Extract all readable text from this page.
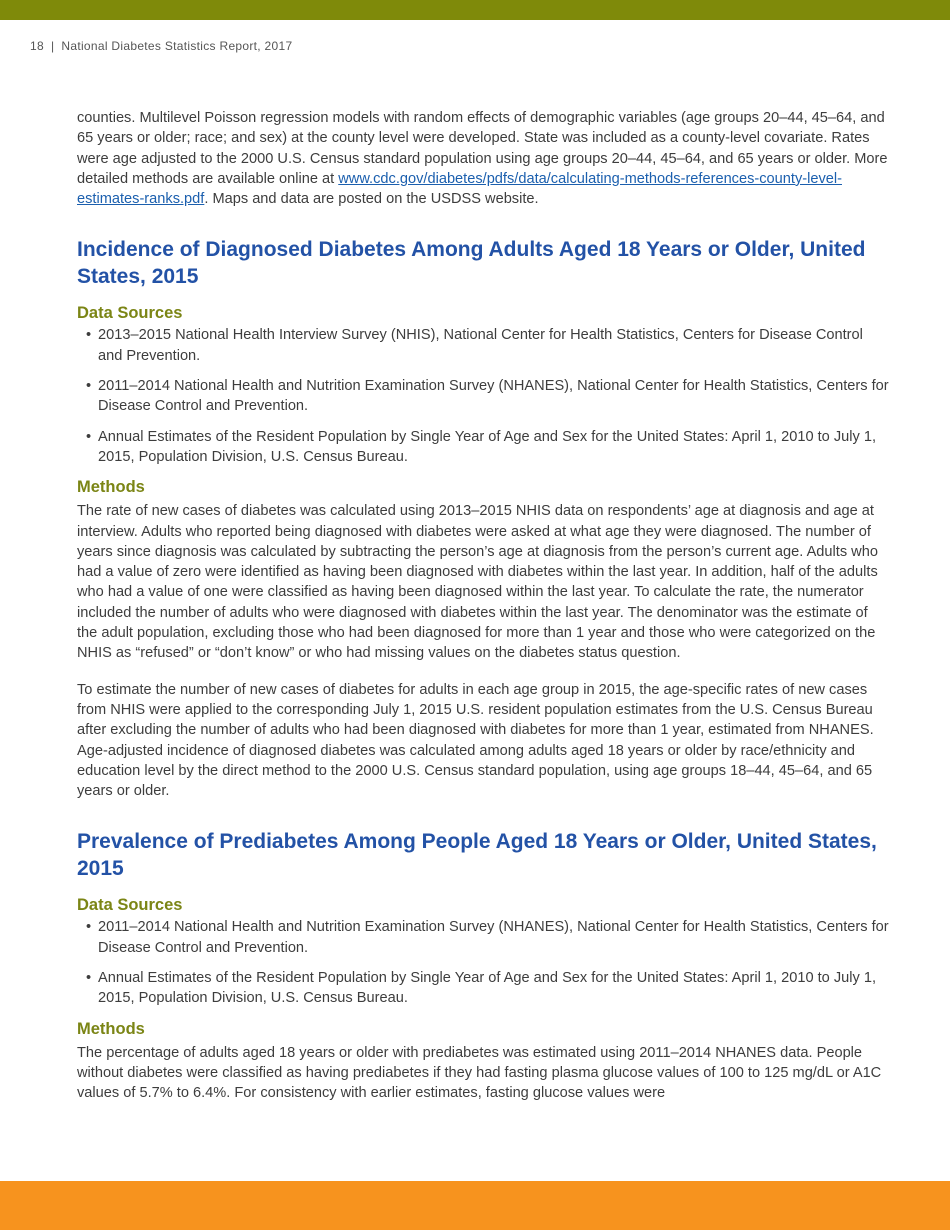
18 | National Diabetes Statistics Report, 2017

counties. Multilevel Poisson regression models with random effects of demographic variables (age groups 20–44, 45–64, and 65 years or older; race; and sex) at the county level were developed. State was included as a county-level covariate. Rates were age adjusted to the 2000 U.S. Census standard population using age groups 20–44, 45–64, and 65 years or older. More detailed methods are available online at www.cdc.gov/diabetes/pdfs/data/calculating-methods-references-county-level-estimates-ranks.pdf. Maps and data are posted on the USDSS website.

Incidence of Diagnosed Diabetes Among Adults Aged 18 Years or Older, United States, 2015
Data Sources
• 2013–2015 National Health Interview Survey (NHIS), National Center for Health Statistics, Centers for Disease Control and Prevention.
• 2011–2014 National Health and Nutrition Examination Survey (NHANES), National Center for Health Statistics, Centers for Disease Control and Prevention.
• Annual Estimates of the Resident Population by Single Year of Age and Sex for the United States: April 1, 2010 to July 1, 2015, Population Division, U.S. Census Bureau.
Methods

The rate of new cases of diabetes was calculated using 2013–2015 NHIS data on respondents’ age at diagnosis and age at interview. Adults who reported being diagnosed with diabetes were asked at what age they were diagnosed. The number of years since diagnosis was calculated by subtracting the person’s age at diagnosis from the person’s current age. Adults who had a value of zero were identified as having been diagnosed with diabetes within the last year. In addition, half of the adults who had a value of one were classified as having been diagnosed within the last year. To calculate the rate, the numerator included the number of adults who were diagnosed with diabetes within the last year. The denominator was the estimate of the adult population, excluding those who had been diagnosed for more than 1 year and those who were categorized on the NHIS as “refused” or “don’t know” or who had missing values on the diabetes status question.

To estimate the number of new cases of diabetes for adults in each age group in 2015, the age-specific rates of new cases from NHIS were applied to the corresponding July 1, 2015 U.S. resident population estimates from the U.S. Census Bureau after excluding the number of adults who had been diagnosed with diabetes for more than 1 year, estimated from NHANES. Age-adjusted incidence of diagnosed diabetes was calculated among adults aged 18 years or older by race/ethnicity and education level by the direct method to the 2000 U.S. Census standard population, using age groups 18–44, 45–64, and 65 years or older.

Prevalence of Prediabetes Among People Aged 18 Years or Older, United States, 2015
Data Sources
• 2011–2014 National Health and Nutrition Examination Survey (NHANES), National Center for Health Statistics, Centers for Disease Control and Prevention.
• Annual Estimates of the Resident Population by Single Year of Age and Sex for the United States: April 1, 2010 to July 1, 2015, Population Division, U.S. Census Bureau.
Methods

The percentage of adults aged 18 years or older with prediabetes was estimated using 2011–2014 NHANES data. People without diabetes were classified as having prediabetes if they had fasting plasma glucose values of 100 to 125 mg/dL or A1C values of 5.7% to 6.4%. For consistency with earlier estimates, fasting glucose values were
